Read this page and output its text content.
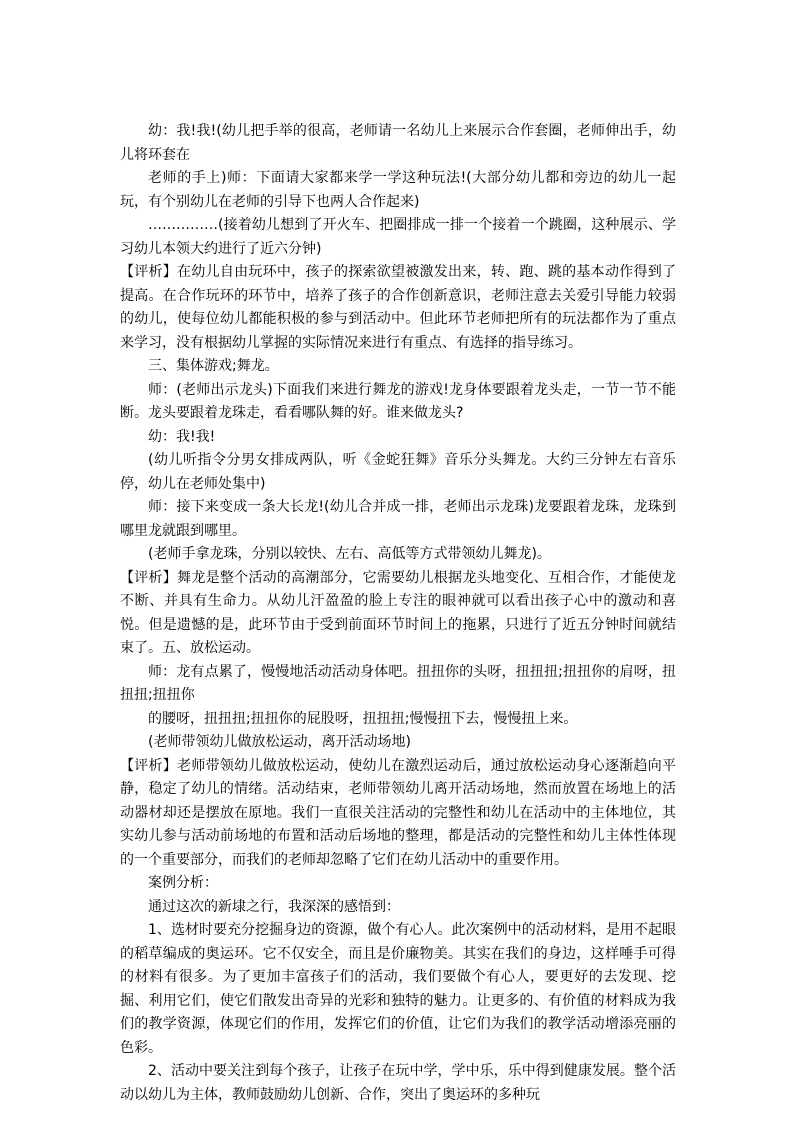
幼：我!我!(幼儿把手举的很高，老师请一名幼儿上来展示合作套圈，老师伸出手，幼儿将环套在

老师的手上)师：下面请大家都来学一学这种玩法!(大部分幼儿都和旁边的幼儿一起玩，有个别幼儿在老师的引导下也两人合作起来)

……………(接着幼儿想到了开火车、把圈排成一排一个接着一个跳圈，这种展示、学习幼儿本领大约进行了近六分钟)

【评析】在幼儿自由玩环中，孩子的探索欲望被激发出来，转、跑、跳的基本动作得到了提高。在合作玩环的环节中，培养了孩子的合作创新意识，老师注意去关爱引导能力较弱的幼儿，使每位幼儿都能积极的参与到活动中。但此环节老师把所有的玩法都作为了重点来学习，没有根据幼儿掌握的实际情况来进行有重点、有选择的指导练习。

三、集体游戏;舞龙。

师：(老师出示龙头)下面我们来进行舞龙的游戏!龙身体要跟着龙头走，一节一节不能断。龙头要跟着龙珠走，看看哪队舞的好。谁来做龙头?

幼：我!我!

(幼儿听指令分男女排成两队，听《金蛇狂舞》音乐分头舞龙。大约三分钟左右音乐停，幼儿在老师处集中)

师：接下来变成一条大长龙!(幼儿合并成一排，老师出示龙珠)龙要跟着龙珠，龙珠到哪里龙就跟到哪里。

(老师手拿龙珠，分别以较快、左右、高低等方式带领幼儿舞龙)。

【评析】舞龙是整个活动的高潮部分，它需要幼儿根据龙头地变化、互相合作，才能使龙不断、并具有生命力。从幼儿汗盈盈的脸上专注的眼神就可以看出孩子心中的激动和喜悦。但是遗憾的是，此环节由于受到前面环节时间上的拖累，只进行了近五分钟时间就结束了。五、放松运动。

师：龙有点累了，慢慢地活动活动身体吧。扭扭你的头呀，扭扭扭;扭扭你的肩呀，扭扭扭;扭扭你

的腰呀，扭扭扭;扭扭你的屁股呀，扭扭扭;慢慢扭下去，慢慢扭上来。

(老师带领幼儿做放松运动，离开活动场地)

【评析】老师带领幼儿做放松运动，使幼儿在激烈运动后，通过放松运动身心逐渐趋向平静，稳定了幼儿的情绪。活动结束，老师带领幼儿离开活动场地，然而放置在场地上的活动器材却还是摆放在原地。我们一直很关注活动的完整性和幼儿在活动中的主体地位，其实幼儿参与活动前场地的布置和活动后场地的整理，都是活动的完整性和幼儿主体性体现的一个重要部分，而我们的老师却忽略了它们在幼儿活动中的重要作用。

案例分析：

通过这次的新埭之行，我深深的感悟到：

1、选材时要充分挖掘身边的资源，做个有心人。此次案例中的活动材料，是用不起眼的稻草编成的奥运环。它不仅安全，而且是价廉物美。其实在我们的身边，这样唾手可得的材料有很多。为了更加丰富孩子们的活动，我们要做个有心人，要更好的去发现、挖掘、利用它们，使它们散发出奇异的光彩和独特的魅力。让更多的、有价值的材料成为我们的教学资源，体现它们的作用，发挥它们的价值，让它们为我们的教学活动增添亮丽的色彩。

2、活动中要关注到每个孩子，让孩子在玩中学，学中乐，乐中得到健康发展。整个活动以幼儿为主体，教师鼓励幼儿创新、合作，突出了奥运环的多种玩
